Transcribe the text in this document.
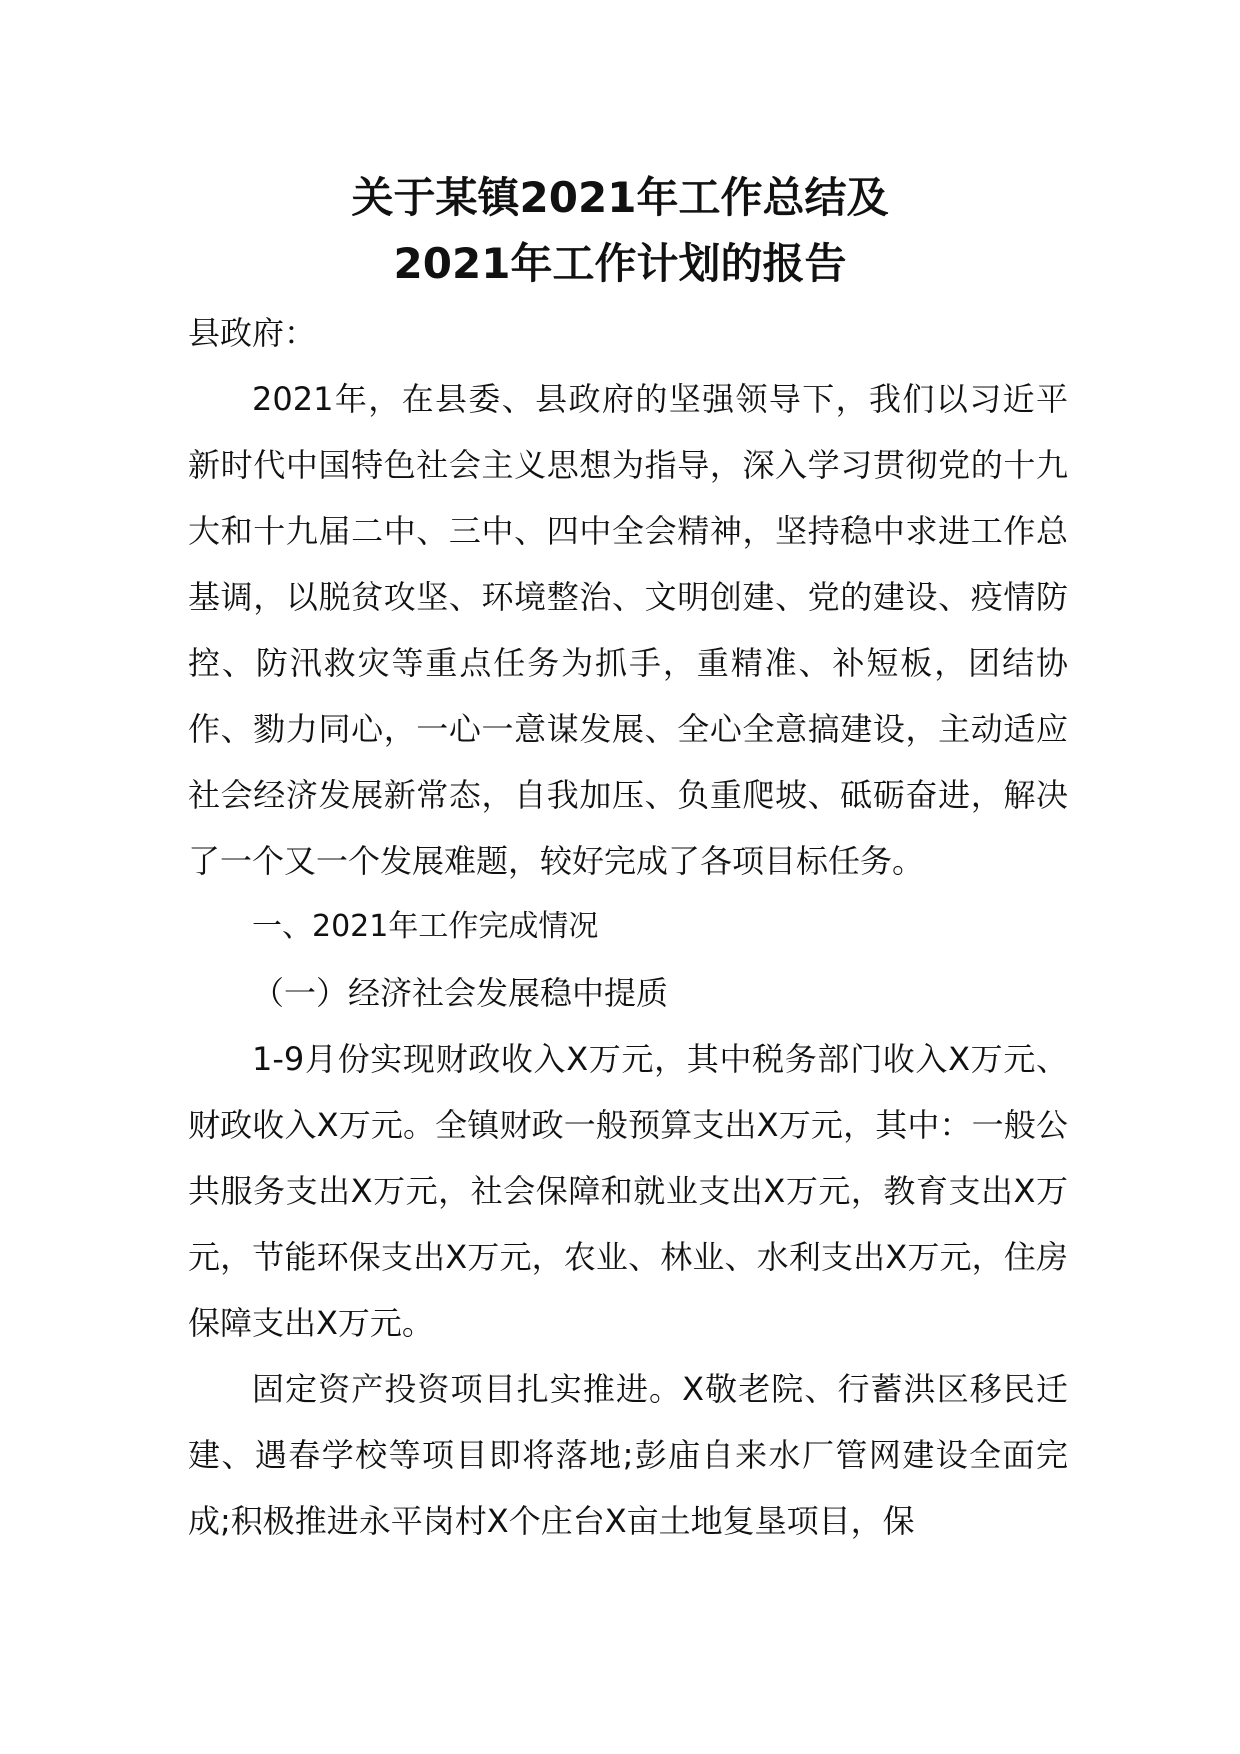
关于某镇2021年工作总结及
2021年工作计划的报告

县政府：

2021年，在县委、县政府的坚强领导下，我们以习近平新时代中国特色社会主义思想为指导，深入学习贯彻党的十九大和十九届二中、三中、四中全会精神，坚持稳中求进工作总基调，以脱贫攻坚、环境整治、文明创建、党的建设、疫情防控、防汛救灾等重点任务为抓手，重精准、补短板，团结协作、勠力同心，一心一意谋发展、全心全意搞建设，主动适应社会经济发展新常态，自我加压、负重爬坡、砥砺奋进，解决了一个又一个发展难题，较好完成了各项目标任务。

一、2021年工作完成情况

（一）经济社会发展稳中提质

1-9月份实现财政收入X万元，其中税务部门收入X万元、财政收入X万元。全镇财政一般预算支出X万元，其中：一般公共服务支出X万元，社会保障和就业支出X万元，教育支出X万元，节能环保支出X万元，农业、林业、水利支出X万元，住房保障支出X万元。

固定资产投资项目扎实推进。X敬老院、行蓄洪区移民迁建、遇春学校等项目即将落地;彭庙自来水厂管网建设全面完成;积极推进永平岗村X个庄台X亩土地复垦项目，保
